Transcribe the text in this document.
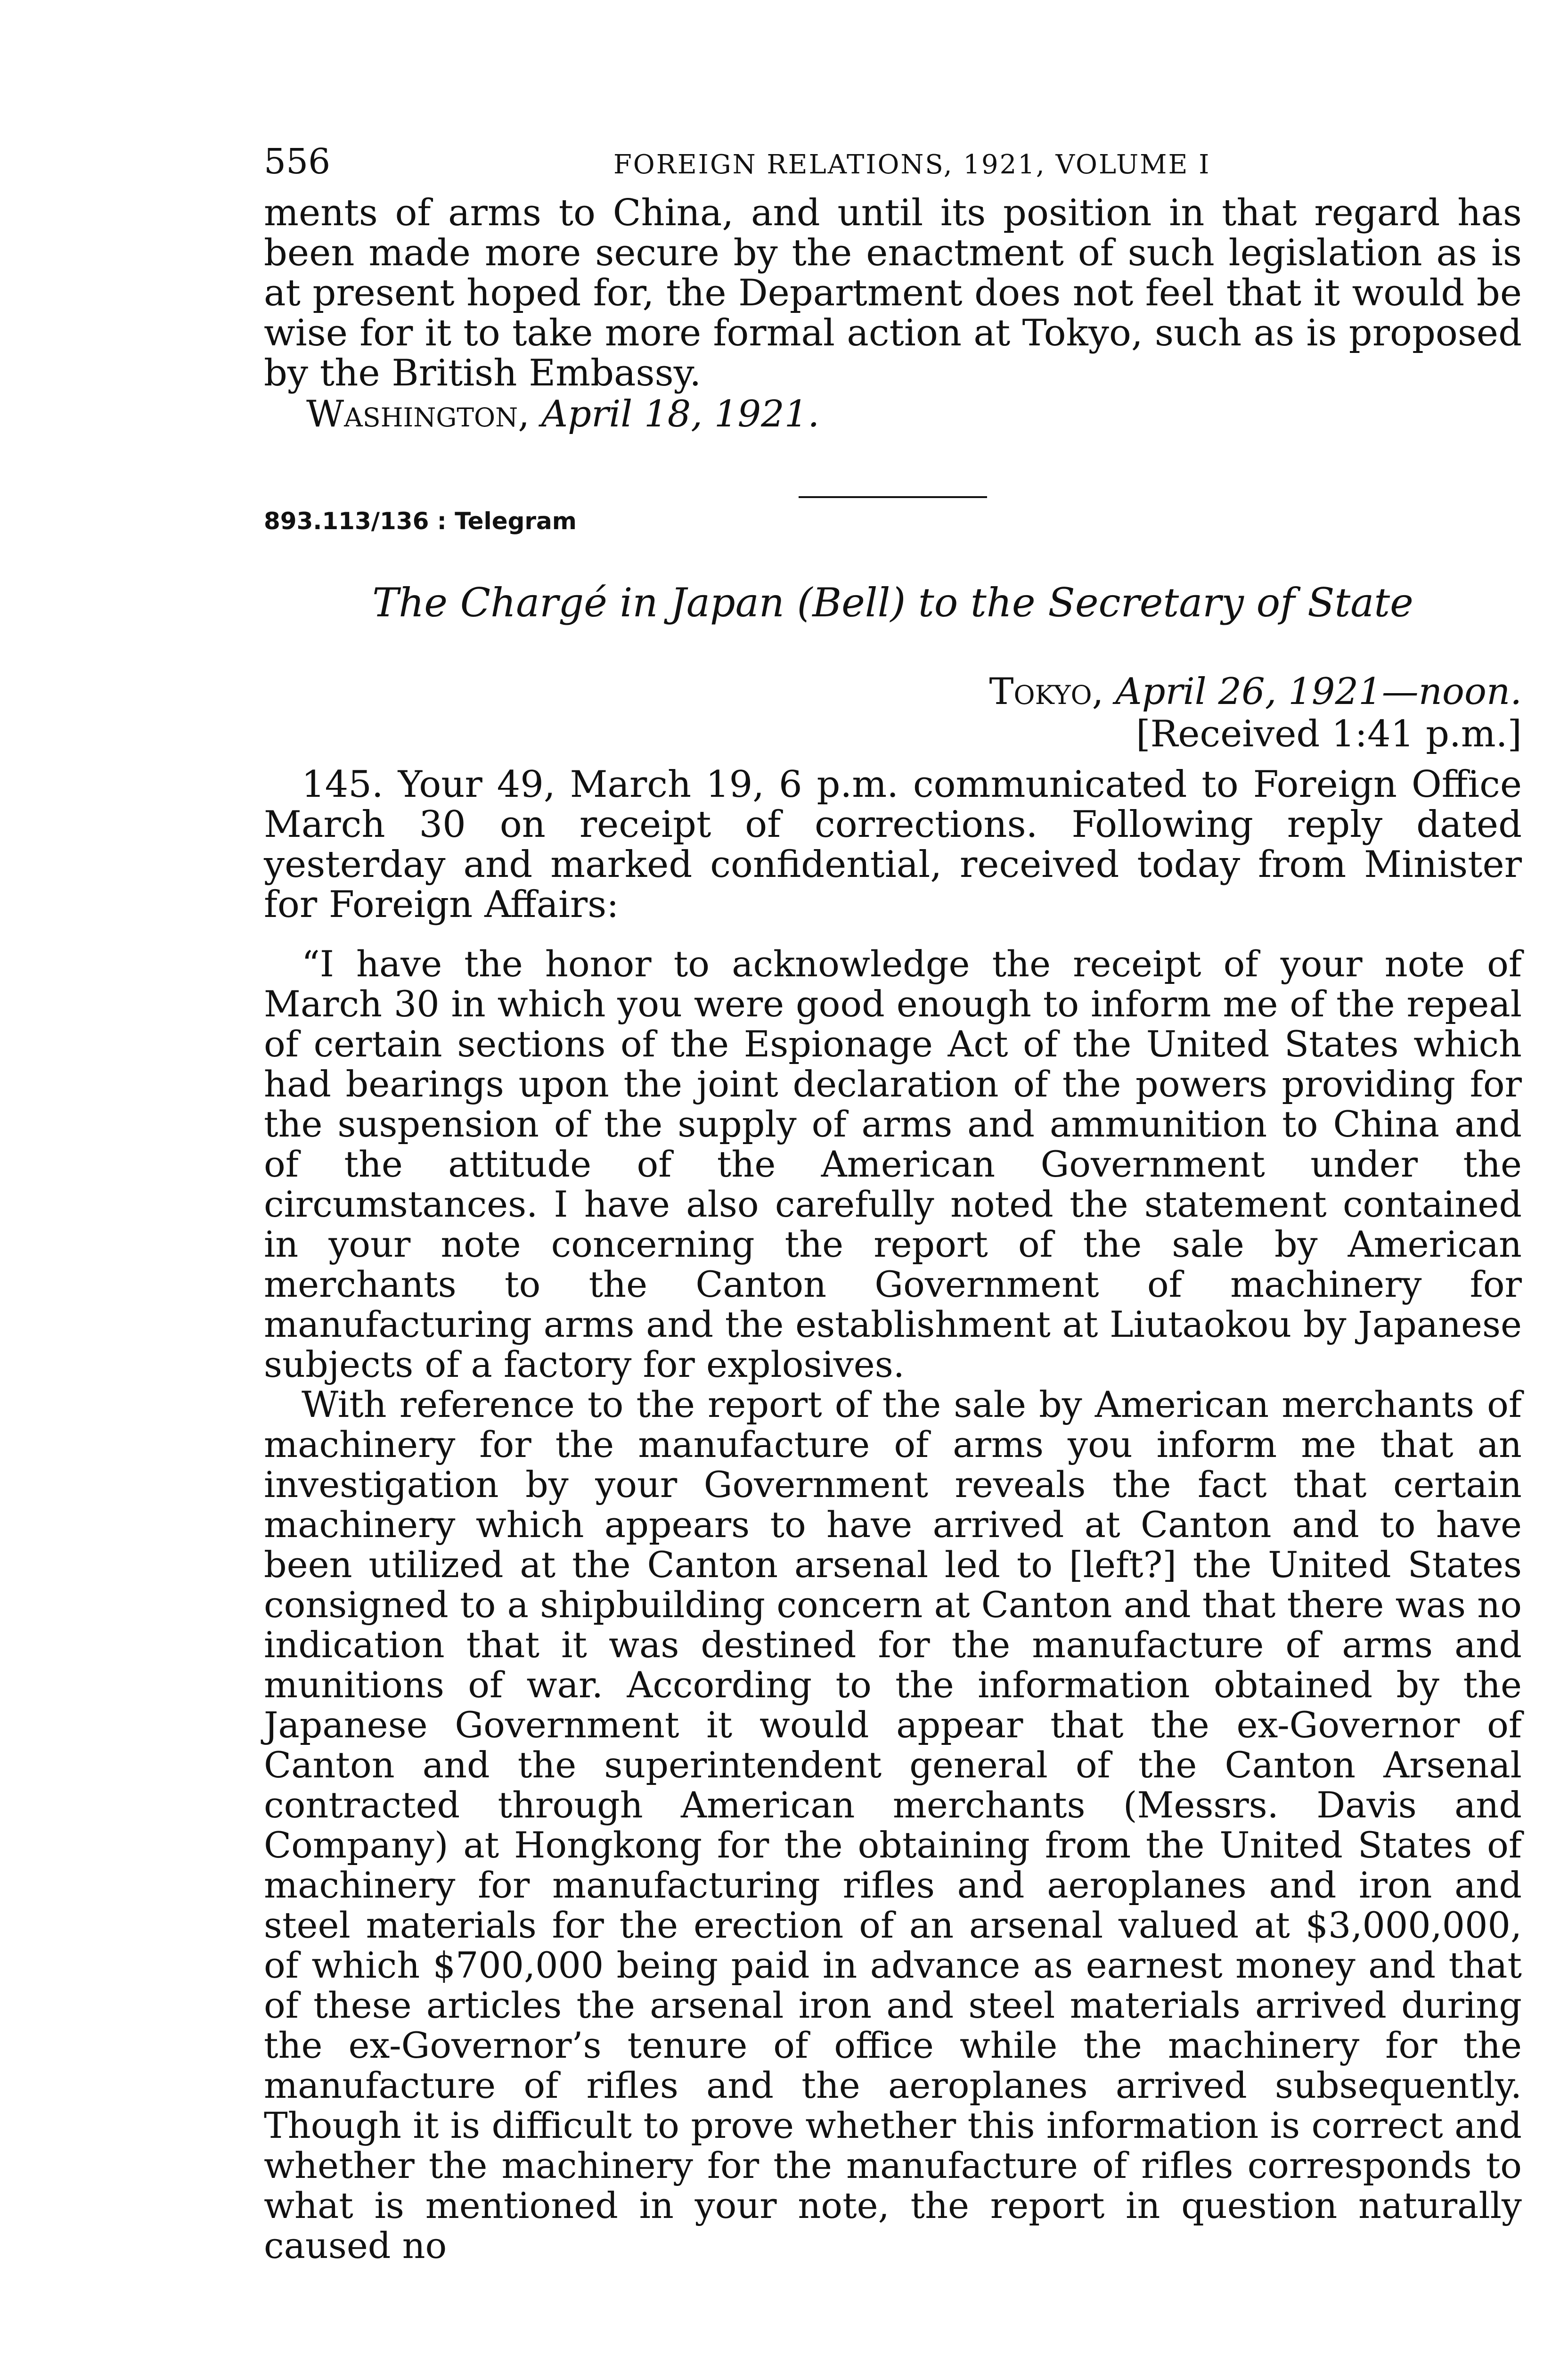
556	FOREIGN RELATIONS, 1921, VOLUME I

ments of arms to China, and until its position in that regard has been made more secure by the enactment of such legislation as is at present hoped for, the Department does not feel that it would be wise for it to take more formal action at Tokyo, such as is proposed by the British Embassy.

Washington, April 18, 1921.

893.113/136 : Telegram
The Chargé in Japan (Bell) to the Secretary of State

Tokyo, April 26, 1921—noon.

[Received 1:41 p.m.]

145. Your 49, March 19, 6 p.m. communicated to Foreign Office March 30 on receipt of corrections. Following reply dated yesterday and marked confidential, received today from Minister for Foreign Affairs:

“I have the honor to acknowledge the receipt of your note of March 30 in which you were good enough to inform me of the repeal of certain sections of the Espionage Act of the United States which had bearings upon the joint declaration of the powers providing for the suspension of the supply of arms and ammunition to China and of the attitude of the American Government under the circumstances. I have also carefully noted the statement contained in your note concerning the report of the sale by American merchants to the Canton Government of machinery for manufacturing arms and the establishment at Liutaokou by Japanese subjects of a factory for explosives.

With reference to the report of the sale by American merchants of machinery for the manufacture of arms you inform me that an investigation by your Government reveals the fact that certain machinery which appears to have arrived at Canton and to have been utilized at the Canton arsenal led to [left?] the United States consigned to a shipbuilding concern at Canton and that there was no indication that it was destined for the manufacture of arms and munitions of war. According to the information obtained by the Japanese Government it would appear that the ex-Governor of Canton and the superintendent general of the Canton Arsenal contracted through American merchants (Messrs. Davis and Company) at Hongkong for the obtaining from the United States of machinery for manufacturing rifles and aeroplanes and iron and steel materials for the erection of an arsenal valued at $3,000,000, of which $700,000 being paid in advance as earnest money and that of these articles the arsenal iron and steel materials arrived during the ex-Governor’s tenure of office while the machinery for the manufacture of rifles and the aeroplanes arrived subsequently. Though it is difficult to prove whether this information is correct and whether the machinery for the manufacture of rifles corresponds to what is mentioned in your note, the report in question naturally caused no
